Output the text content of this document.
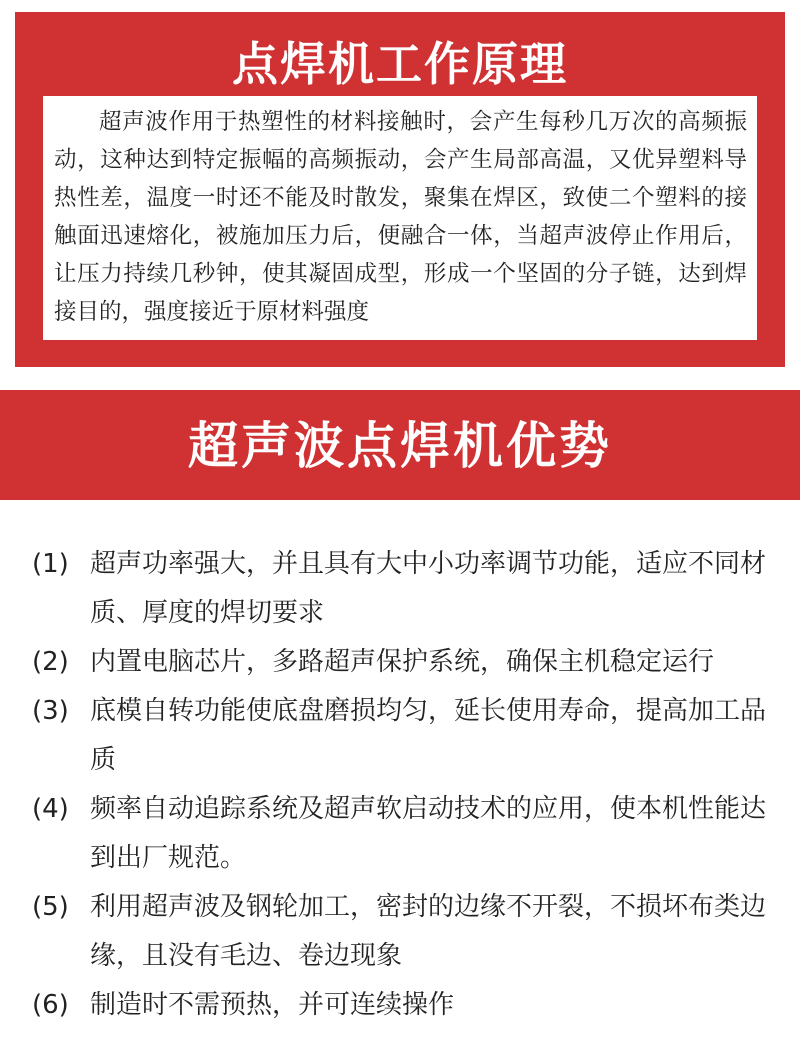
点焊机工作原理

超声波作用于热塑性的材料接触时，会产生每秒几万次的高频振动，这种达到特定振幅的高频振动，会产生局部高温，又优异塑料导热性差，温度一时还不能及时散发，聚集在焊区，致使二个塑料的接触面迅速熔化，被施加压力后，便融合一体，当超声波停止作用后，让压力持续几秒钟，使其凝固成型，形成一个坚固的分子链，达到焊接目的，强度接近于原材料强度

超声波点焊机优势
(1) 超声功率强大，并且具有大中小功率调节功能，适应不同材质、厚度的焊切要求
(2) 内置电脑芯片，多路超声保护系统，确保主机稳定运行
(3) 底模自转功能使底盘磨损均匀，延长使用寿命，提高加工品质
(4) 频率自动追踪系统及超声软启动技术的应用，使本机性能达到出厂规范。
(5) 利用超声波及钢轮加工，密封的边缘不开裂，不损坏布类边缘，且没有毛边、卷边现象
(6) 制造时不需预热，并可连续操作
